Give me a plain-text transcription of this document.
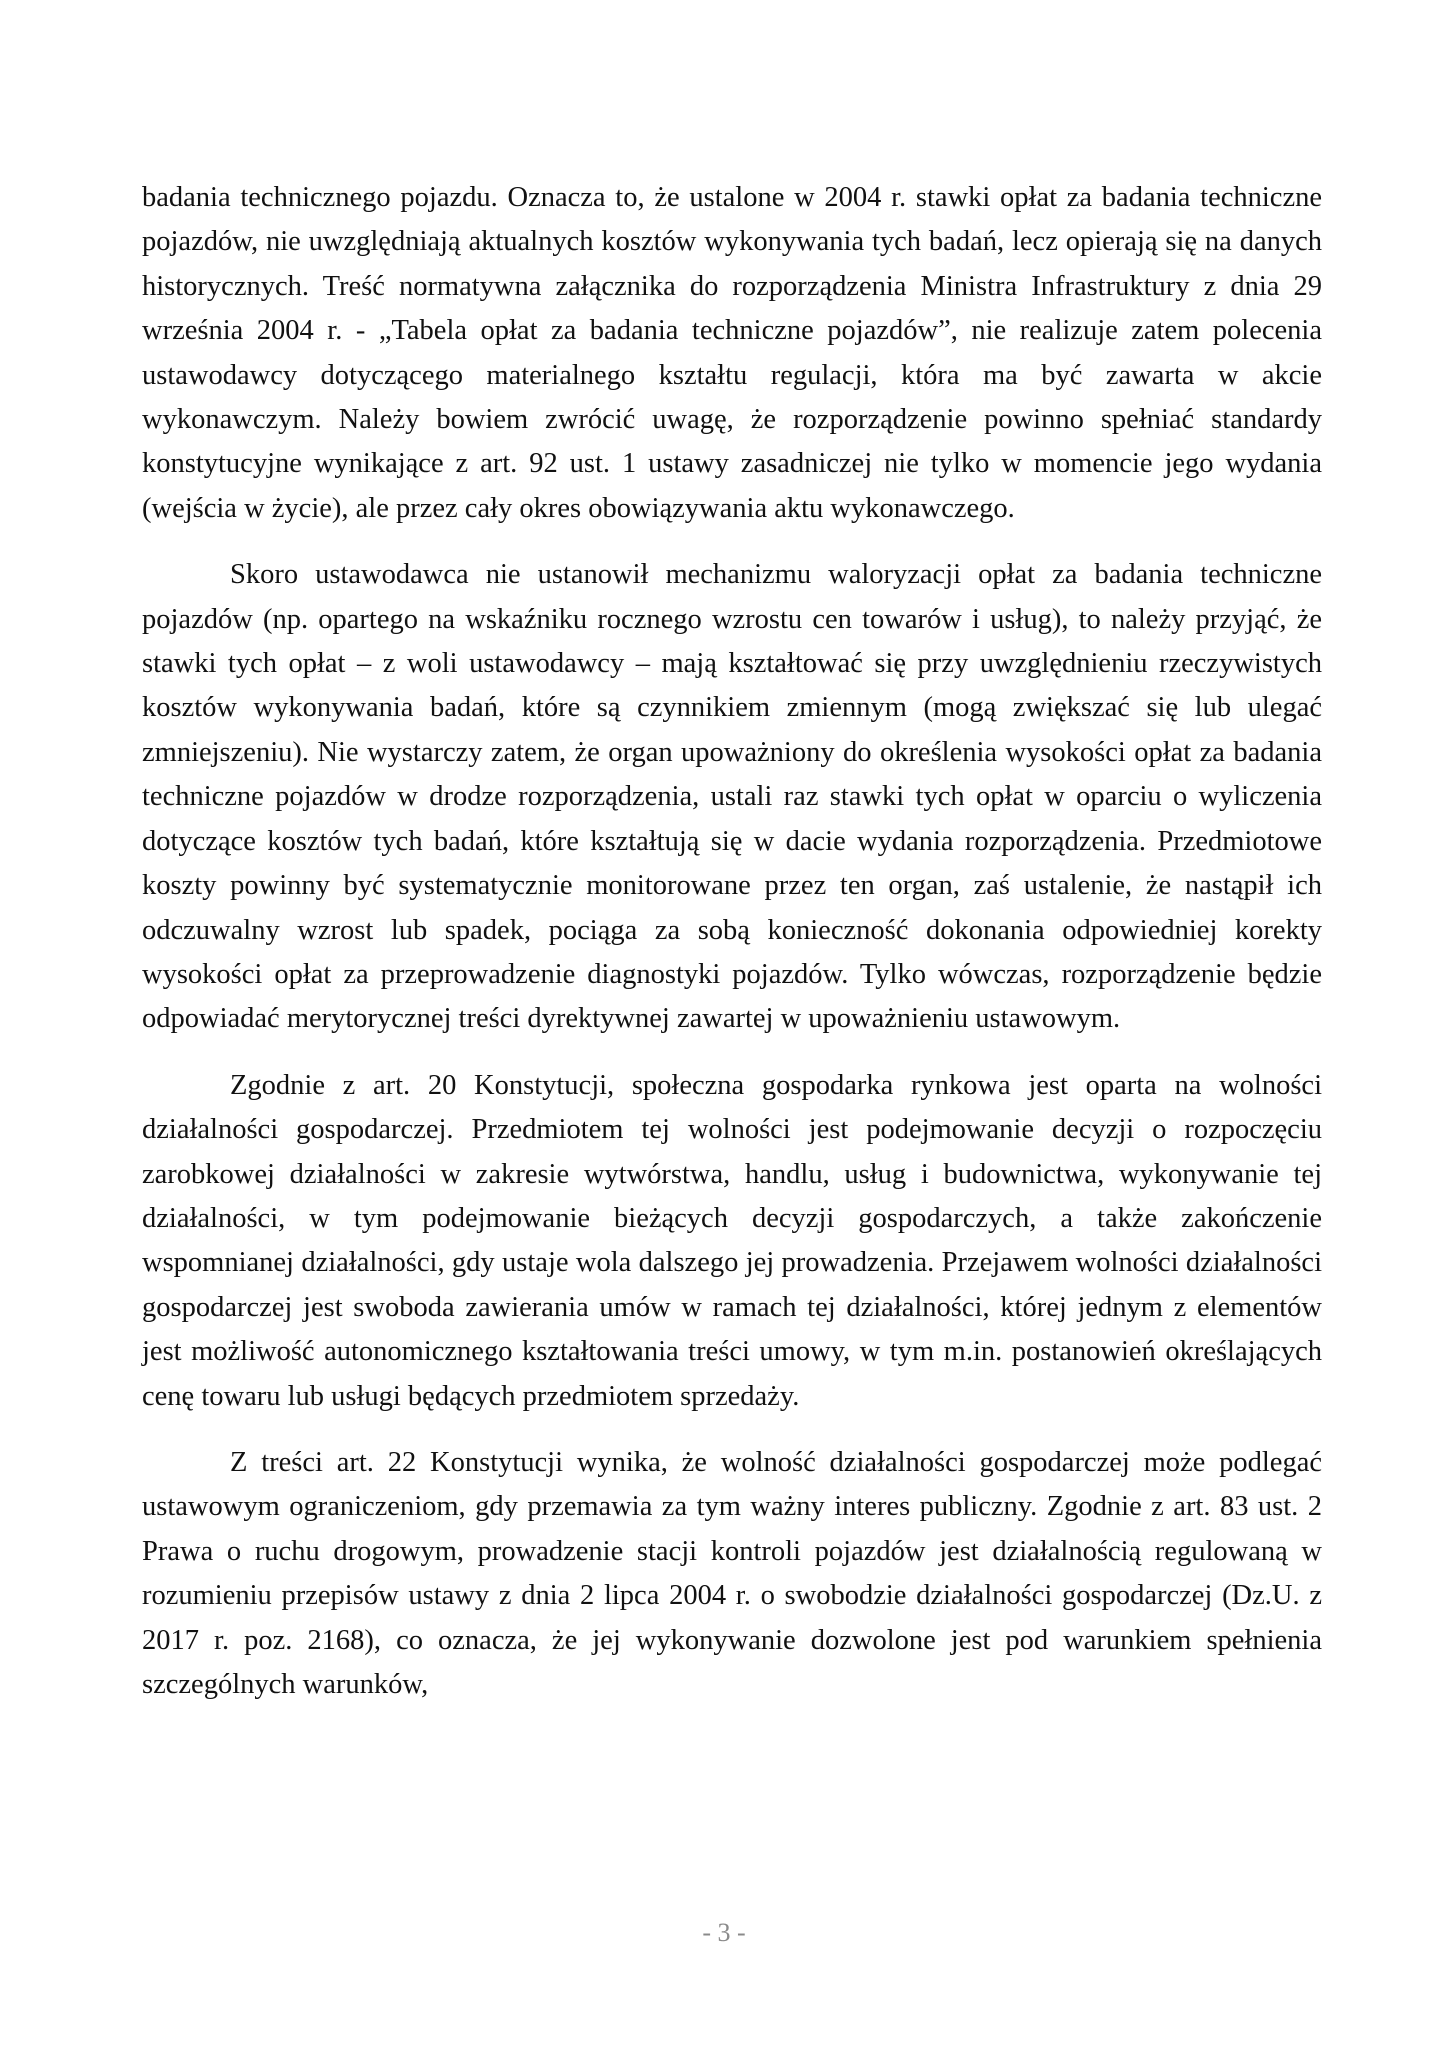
badania technicznego pojazdu. Oznacza to, że ustalone w 2004 r. stawki opłat za badania techniczne pojazdów, nie uwzględniają aktualnych kosztów wykonywania tych badań, lecz opierają się na danych historycznych. Treść normatywna załącznika do rozporządzenia Ministra Infrastruktury z dnia 29 września 2004 r. - „Tabela opłat za badania techniczne pojazdów”, nie realizuje zatem polecenia ustawodawcy dotyczącego materialnego kształtu regulacji, która ma być zawarta w akcie wykonawczym. Należy bowiem zwrócić uwagę, że rozporządzenie powinno spełniać standardy konstytucyjne wynikające z art. 92 ust. 1 ustawy zasadniczej nie tylko w momencie jego wydania (wejścia w życie), ale przez cały okres obowiązywania aktu wykonawczego.

Skoro ustawodawca nie ustanowił mechanizmu waloryzacji opłat za badania techniczne pojazdów (np. opartego na wskaźniku rocznego wzrostu cen towarów i usług), to należy przyjąć, że stawki tych opłat – z woli ustawodawcy – mają kształtować się przy uwzględnieniu rzeczywistych kosztów wykonywania badań, które są czynnikiem zmiennym (mogą zwiększać się lub ulegać zmniejszeniu). Nie wystarczy zatem, że organ upoważniony do określenia wysokości opłat za badania techniczne pojazdów w drodze rozporządzenia, ustali raz stawki tych opłat w oparciu o wyliczenia dotyczące kosztów tych badań, które kształtują się w dacie wydania rozporządzenia. Przedmiotowe koszty powinny być systematycznie monitorowane przez ten organ, zaś ustalenie, że nastąpił ich odczuwalny wzrost lub spadek, pociąga za sobą konieczność dokonania odpowiedniej korekty wysokości opłat za przeprowadzenie diagnostyki pojazdów. Tylko wówczas, rozporządzenie będzie odpowiadać merytorycznej treści dyrektywnej zawartej w upoważnieniu ustawowym.

Zgodnie z art. 20 Konstytucji, społeczna gospodarka rynkowa jest oparta na wolności działalności gospodarczej. Przedmiotem tej wolności jest podejmowanie decyzji o rozpoczęciu zarobkowej działalności w zakresie wytwórstwa, handlu, usług i budownictwa, wykonywanie tej działalności, w tym podejmowanie bieżących decyzji gospodarczych, a także zakończenie wspomnianej działalności, gdy ustaje wola dalszego jej prowadzenia. Przejawem wolności działalności gospodarczej jest swoboda zawierania umów w ramach tej działalności, której jednym z elementów jest możliwość autonomicznego kształtowania treści umowy, w tym m.in. postanowień określających cenę towaru lub usługi będących przedmiotem sprzedaży.

Z treści art. 22 Konstytucji wynika, że wolność działalności gospodarczej może podlegać ustawowym ograniczeniom, gdy przemawia za tym ważny interes publiczny. Zgodnie z art. 83 ust. 2 Prawa o ruchu drogowym, prowadzenie stacji kontroli pojazdów jest działalnością regulowaną w rozumieniu przepisów ustawy z dnia 2 lipca 2004 r. o swobodzie działalności gospodarczej (Dz.U. z 2017 r. poz. 2168), co oznacza, że jej wykonywanie dozwolone jest pod warunkiem spełnienia szczególnych warunków,

- 3 -
